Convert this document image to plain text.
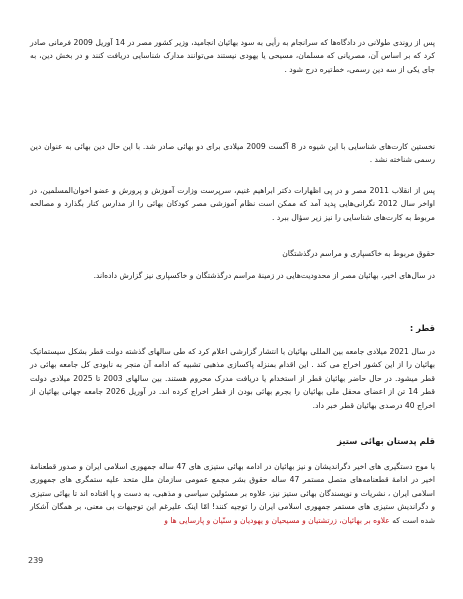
پس از روندی طولانی در دادگاه‌ها که سرانجام به رأیی به سود بهائیان انجامید، وزیر کشور مصر در 14 آوریل 2009 فرمانی صادر کرد که بر اساس آن، مصریانی که مسلمان، مسیحی یا یهودی نیستند می‌توانند مدارک شناسایی دریافت کنند و در بخش دین، به جای یکی از سه دین رسمی، خط‌تیره درج شود .

نخستین کارت‌های شناسایی با این شیوه در 8 آگست 2009 میلادی برای دو بهائی صادر شد. با این حال دین بهائی به عنوان دین رسمی شناخته نشد .

پس از انقلاب 2011 مصر و در پی اظهارات دکتر ابراهیم غنیم، سرپرست وزارت آموزش و پرورش و عضو اخوان‌المسلمین، در اواخر سال 2012 نگرانی‌هایی پدید آمد که ممکن است نظام آموزشی مصر کودکان بهائی را از مدارس کنار بگذارد و مصالحه مربوط به کارت‌های شناسایی را نیز زیر سؤال ببرد .

حقوق مربوط به خاکسپاری و مراسم درگذشتگان

در سال‌های اخیر، بهائیان مصر از محدودیت‌هایی در زمینهٔ مراسم درگذشتگان و خاکسپاری نیز گزارش داده‌اند.

قطر :

در سال 2021 میلادی جامعه بین المللی بهائیان با انتشار گزارشی اعلام کرد که طی سالهای گذشته دولت قطر بشکل سیستماتیک بهائیان را از این کشور اخراج می کند . این اقدام بمنزله پاکسازی مذهبی تشبیه که ادامه آن منجر به نابودی کل جامعه بهائی در قطر میشود. در حال حاضر بهائیان قطر از استخدام یا دریافت مدرک محروم هستند. بین سالهای 2003 تا 2025 میلادی دولت قطر 14 تن از اعضای محفل ملی بهائیان را بجرم بهائی بودن از قطر اخراج کرده اند. در آوریل 2026 جامعه جهانی بهائیان از اخراج 40 درصدی بهائیان قطر خبر داد.

قلم پدستان بهائی ستیز

با موج دستگیری های اخیر دگراندیشان و نیز بهائیان در ادامه بهائی ستیزی های 47 ساله جمهوری اسلامی ایران و صدور قطعنامهٔ اخیر در ادامهٔ قطعنامه‌های متصل مستمر 47 ساله حقوق بشر مجمع عمومی سازمان ملل متحد علیه ستمگری های جمهوری اسلامی ایران ، نشریات و نویسندگان بهائی ستیز نیز، علاوه بر مسئولین سیاسی و مذهبی، به دست و پا افتاده اند تا بهائی ستیزی و دگراندیش ستیزی های مستمر جمهوری اسلامی ایران را توجیه کنند! امّا اینک علیرغم این توجیهات بی معنی، بر همگان آشکار شده است که علاوه بر بهائیان، زرتشتیان و مسیحیان و یهودیان و سنّیان و پارسایی ها و

239
